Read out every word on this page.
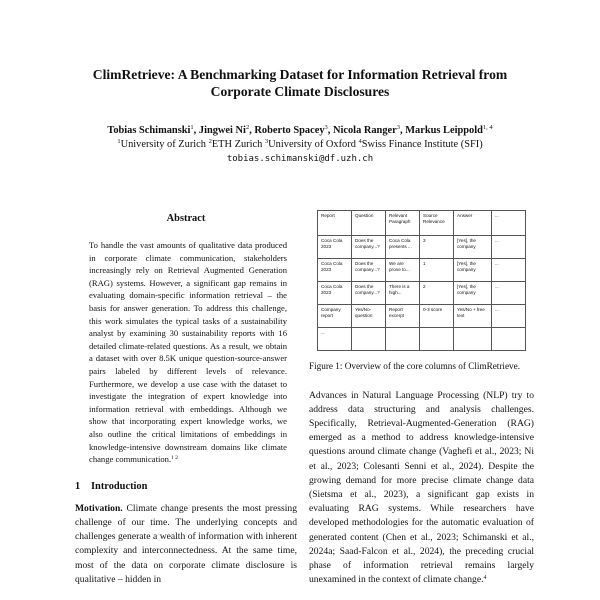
ClimRetrieve: A Benchmarking Dataset for Information Retrieval from
Corporate Climate Disclosures
Tobias Schimanski$^1$, Jingwei Ni$^2$, Roberto Spacey$^3$, Nicola Ranger$^3$, Markus Leippold$^{1, 4}$
$^1$University of Zurich $^2$ETH Zurich $^3$University of Oxford $^4$Swiss Finance Institute (SFI)
tobias.schimanski@df.uzh.ch
Abstract
To handle the vast amounts of qualitative data produced in corporate climate communication, stakeholders increasingly rely on Retrieval Augmented Generation (RAG) systems. However, a significant gap remains in evaluating domain-specific information retrieval – the basis for answer generation. To address this challenge, this work simulates the typical tasks of a sustainability analyst by examining 30 sustainability reports with 16 detailed climate-related questions. As a result, we obtain a dataset with over 8.5K unique question-source-answer pairs labeled by different levels of relevance. Furthermore, we develop a use case with the dataset to investigate the integration of expert knowledge into information retrieval with embeddings. Although we show that incorporating expert knowledge works, we also outline the critical limitations of embeddings in knowledge-intensive downstream domains like climate change communication.$^{1 2}$
1 Introduction
Motivation. Climate change presents the most pressing challenge of our time. The underlying concepts and challenges generate a wealth of information with inherent complexity and interconnectedness. At the same time, most of the data on corporate climate disclosure is qualitative – hidden in
Report	Question	Relevant Paragraph	Source Relevance	Answer	...
Coca Cola 2023	Does the company...?	Coca Cola presents ...	3	[Yes], the company	...
Coca Cola 2023	Does the company...?	We are prone to...	1	[Yes], the company	...
Coca Cola 2023	Does the company...?	There is a high...	2	[Yes], the company	...
Company report	Yes/No-question	Report excerpt	0-3 score	Yes/No + free text	...
...					
Figure 1: Overview of the core columns of ClimRetrieve.
Advances in Natural Language Processing (NLP) try to address data structuring and analysis challenges. Specifically, Retrieval-Augmented-Generation (RAG) emerged as a method to address knowledge-intensive questions around climate change (Vaghefi et al., 2023; Ni et al., 2023; Colesanti Senni et al., 2024). Despite the growing demand for more precise climate change data (Sietsma et al., 2023), a significant gap exists in evaluating RAG systems. While researchers have developed methodologies for the automatic evaluation of generated content (Chen et al., 2023; Schimanski et al., 2024a; Saad-Falcon et al., 2024), the preceding crucial phase of information retrieval remains largely unexamined in the context of climate change.$^4$
